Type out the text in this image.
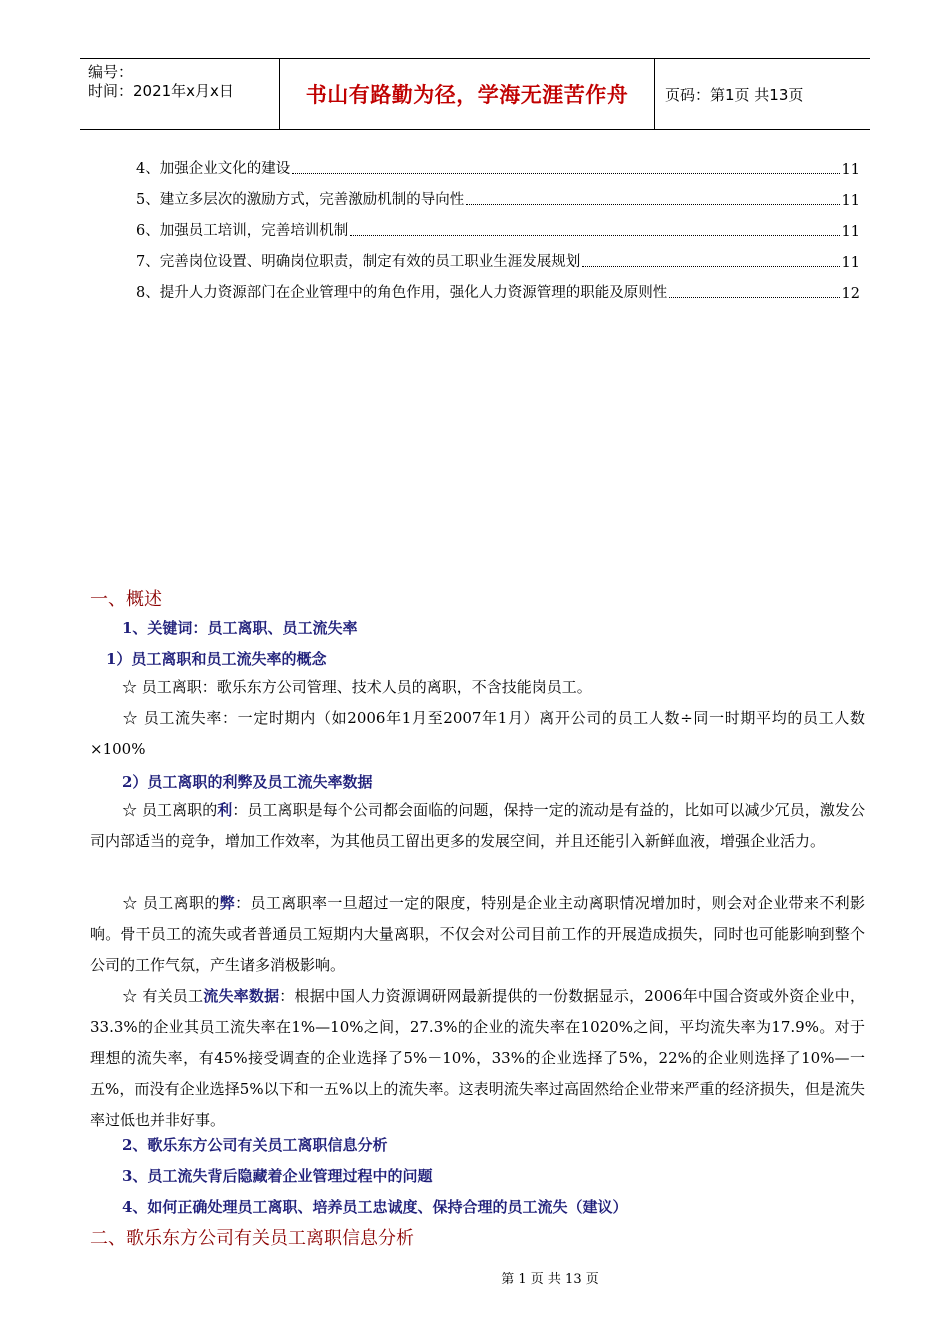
编号：
时间：2021年x月x日	书山有路勤为径，学海无涯苦作舟	页码：第1页 共13页
4、加强企业文化的建设	11
5、建立多层次的激励方式，完善激励机制的导向性	11
6、加强员工培训，完善培训机制	11
7、完善岗位设置、明确岗位职责，制定有效的员工职业生涯发展规划	11
8、提升人力资源部门在企业管理中的角色作用，强化人力资源管理的职能及原则性	12
一、概述
1、关键词：员工离职、员工流失率
1）员工离职和员工流失率的概念
☆ 员工离职：歌乐东方公司管理、技术人员的离职，不含技能岗员工。
☆ 员工流失率：一定时期内（如2006年1月至2007年1月）离开公司的员工人数÷同一时期平均的员工人数×100%
2）员工离职的利弊及员工流失率数据
☆ 员工离职的利：员工离职是每个公司都会面临的问题，保持一定的流动是有益的，比如可以减少冗员，激发公司内部适当的竞争，增加工作效率，为其他员工留出更多的发展空间，并且还能引入新鲜血液，增强企业活力。
☆ 员工离职的弊：员工离职率一旦超过一定的限度，特别是企业主动离职情况增加时，则会对企业带来不利影响。骨干员工的流失或者普通员工短期内大量离职，不仅会对公司目前工作的开展造成损失，同时也可能影响到整个公司的工作气氛，产生诸多消极影响。
☆ 有关员工流失率数据：根据中国人力资源调研网最新提供的一份数据显示，2006年中国合资或外资企业中，33.3%的企业其员工流失率在1%—10%之间，27.3%的企业的流失率在1020%之间，平均流失率为17.9%。对于理想的流失率，有45%接受调查的企业选择了5%－10%，33%的企业选择了5%，22%的企业则选择了10%—一五%，而没有企业选择5%以下和一五%以上的流失率。这表明流失率过高固然给企业带来严重的经济损失，但是流失率过低也并非好事。
2、歌乐东方公司有关员工离职信息分析
3、员工流失背后隐藏着企业管理过程中的问题
4、如何正确处理员工离职、培养员工忠诚度、保持合理的员工流失（建议）
二、歌乐东方公司有关员工离职信息分析
第 1 页 共 13 页
